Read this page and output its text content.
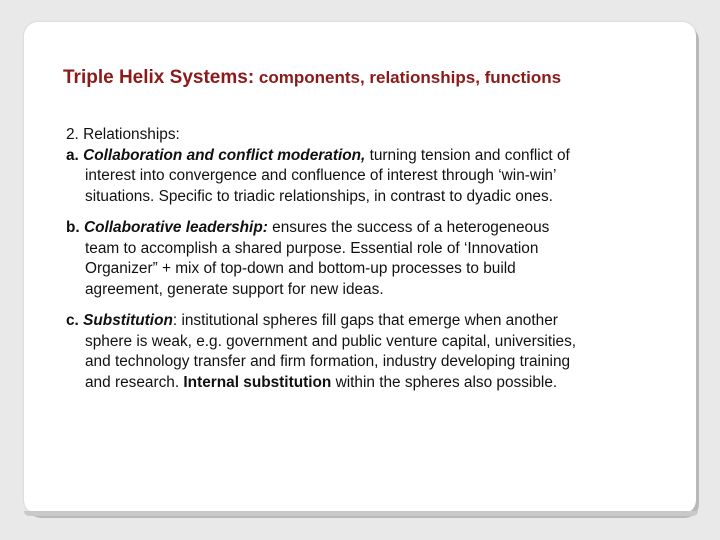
Triple Helix Systems: components, relationships, functions

2. Relationships:

a. Collaboration and conflict moderation, turning tension and conflict of

interest into convergence and confluence of interest through ‘win-win’
situations. Specific to triadic relationships, in contrast to dyadic ones.

b. Collaborative leadership: ensures the success of a heterogeneous

team to accomplish a shared purpose. Essential role of ‘Innovation
Organizer” + mix of top-down and bottom-up processes to build
agreement, generate support for new ideas.

c. Substitution: institutional spheres fill gaps that emerge when another

sphere is weak, e.g. government and public venture capital, universities,
and technology transfer and firm formation, industry developing training
and research. Internal substitution within the spheres also possible.
